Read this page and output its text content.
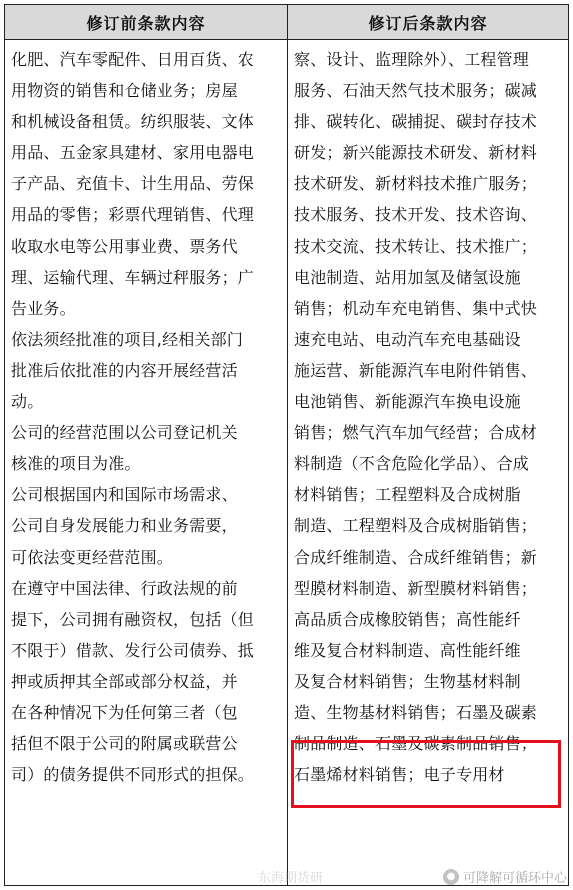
修订前条款内容	修订后条款内容
化肥、汽车零配件、日用百货、农
用物资的销售和仓储业务；房屋
和机械设备租赁。纺织服装、文体
用品、五金家具建材、家用电器电
子产品、充值卡、计生用品、劳保
用品的零售；彩票代理销售、代理
收取水电等公用事业费、票务代
理、运输代理、车辆过秤服务；广
告业务。
依法须经批准的项目,经相关部门
批准后依批准的内容开展经营活
动。
公司的经营范围以公司登记机关
核准的项目为准。
公司根据国内和国际市场需求、
公司自身发展能力和业务需要，
可依法变更经营范围。
在遵守中国法律、行政法规的前
提下，公司拥有融资权，包括（但
不限于）借款、发行公司债券、抵
押或质押其全部或部分权益，并
在各种情况下为任何第三者（包
括但不限于公司的附属或联营公
司）的债务提供不同形式的担保。
察、设计、监理除外）、工程管理
服务、石油天然气技术服务；碳减
排、碳转化、碳捕捉、碳封存技术
研发；新兴能源技术研发、新材料
技术研发、新材料技术推广服务；
技术服务、技术开发、技术咨询、
技术交流、技术转让、技术推广；
电池制造、站用加氢及储氢设施
销售；机动车充电销售、集中式快
速充电站、电动汽车充电基础设
施运营、新能源汽车电附件销售、
电池销售、新能源汽车换电设施
销售；燃气汽车加气经营；合成材
料制造（不含危险化学品）、合成
材料销售；工程塑料及合成树脂
制造、工程塑料及合成树脂销售；
合成纤维制造、合成纤维销售；新
型膜材料制造、新型膜材料销售；
高品质合成橡胶销售；高性能纤
维及复合材料制造、高性能纤维
及复合材料销售；生物基材料制
造、生物基材料销售；石墨及碳素
制品制造、石墨及碳素制品销售；
石墨烯材料销售；电子专用材
东海期货研	● 可降解可循环中心
